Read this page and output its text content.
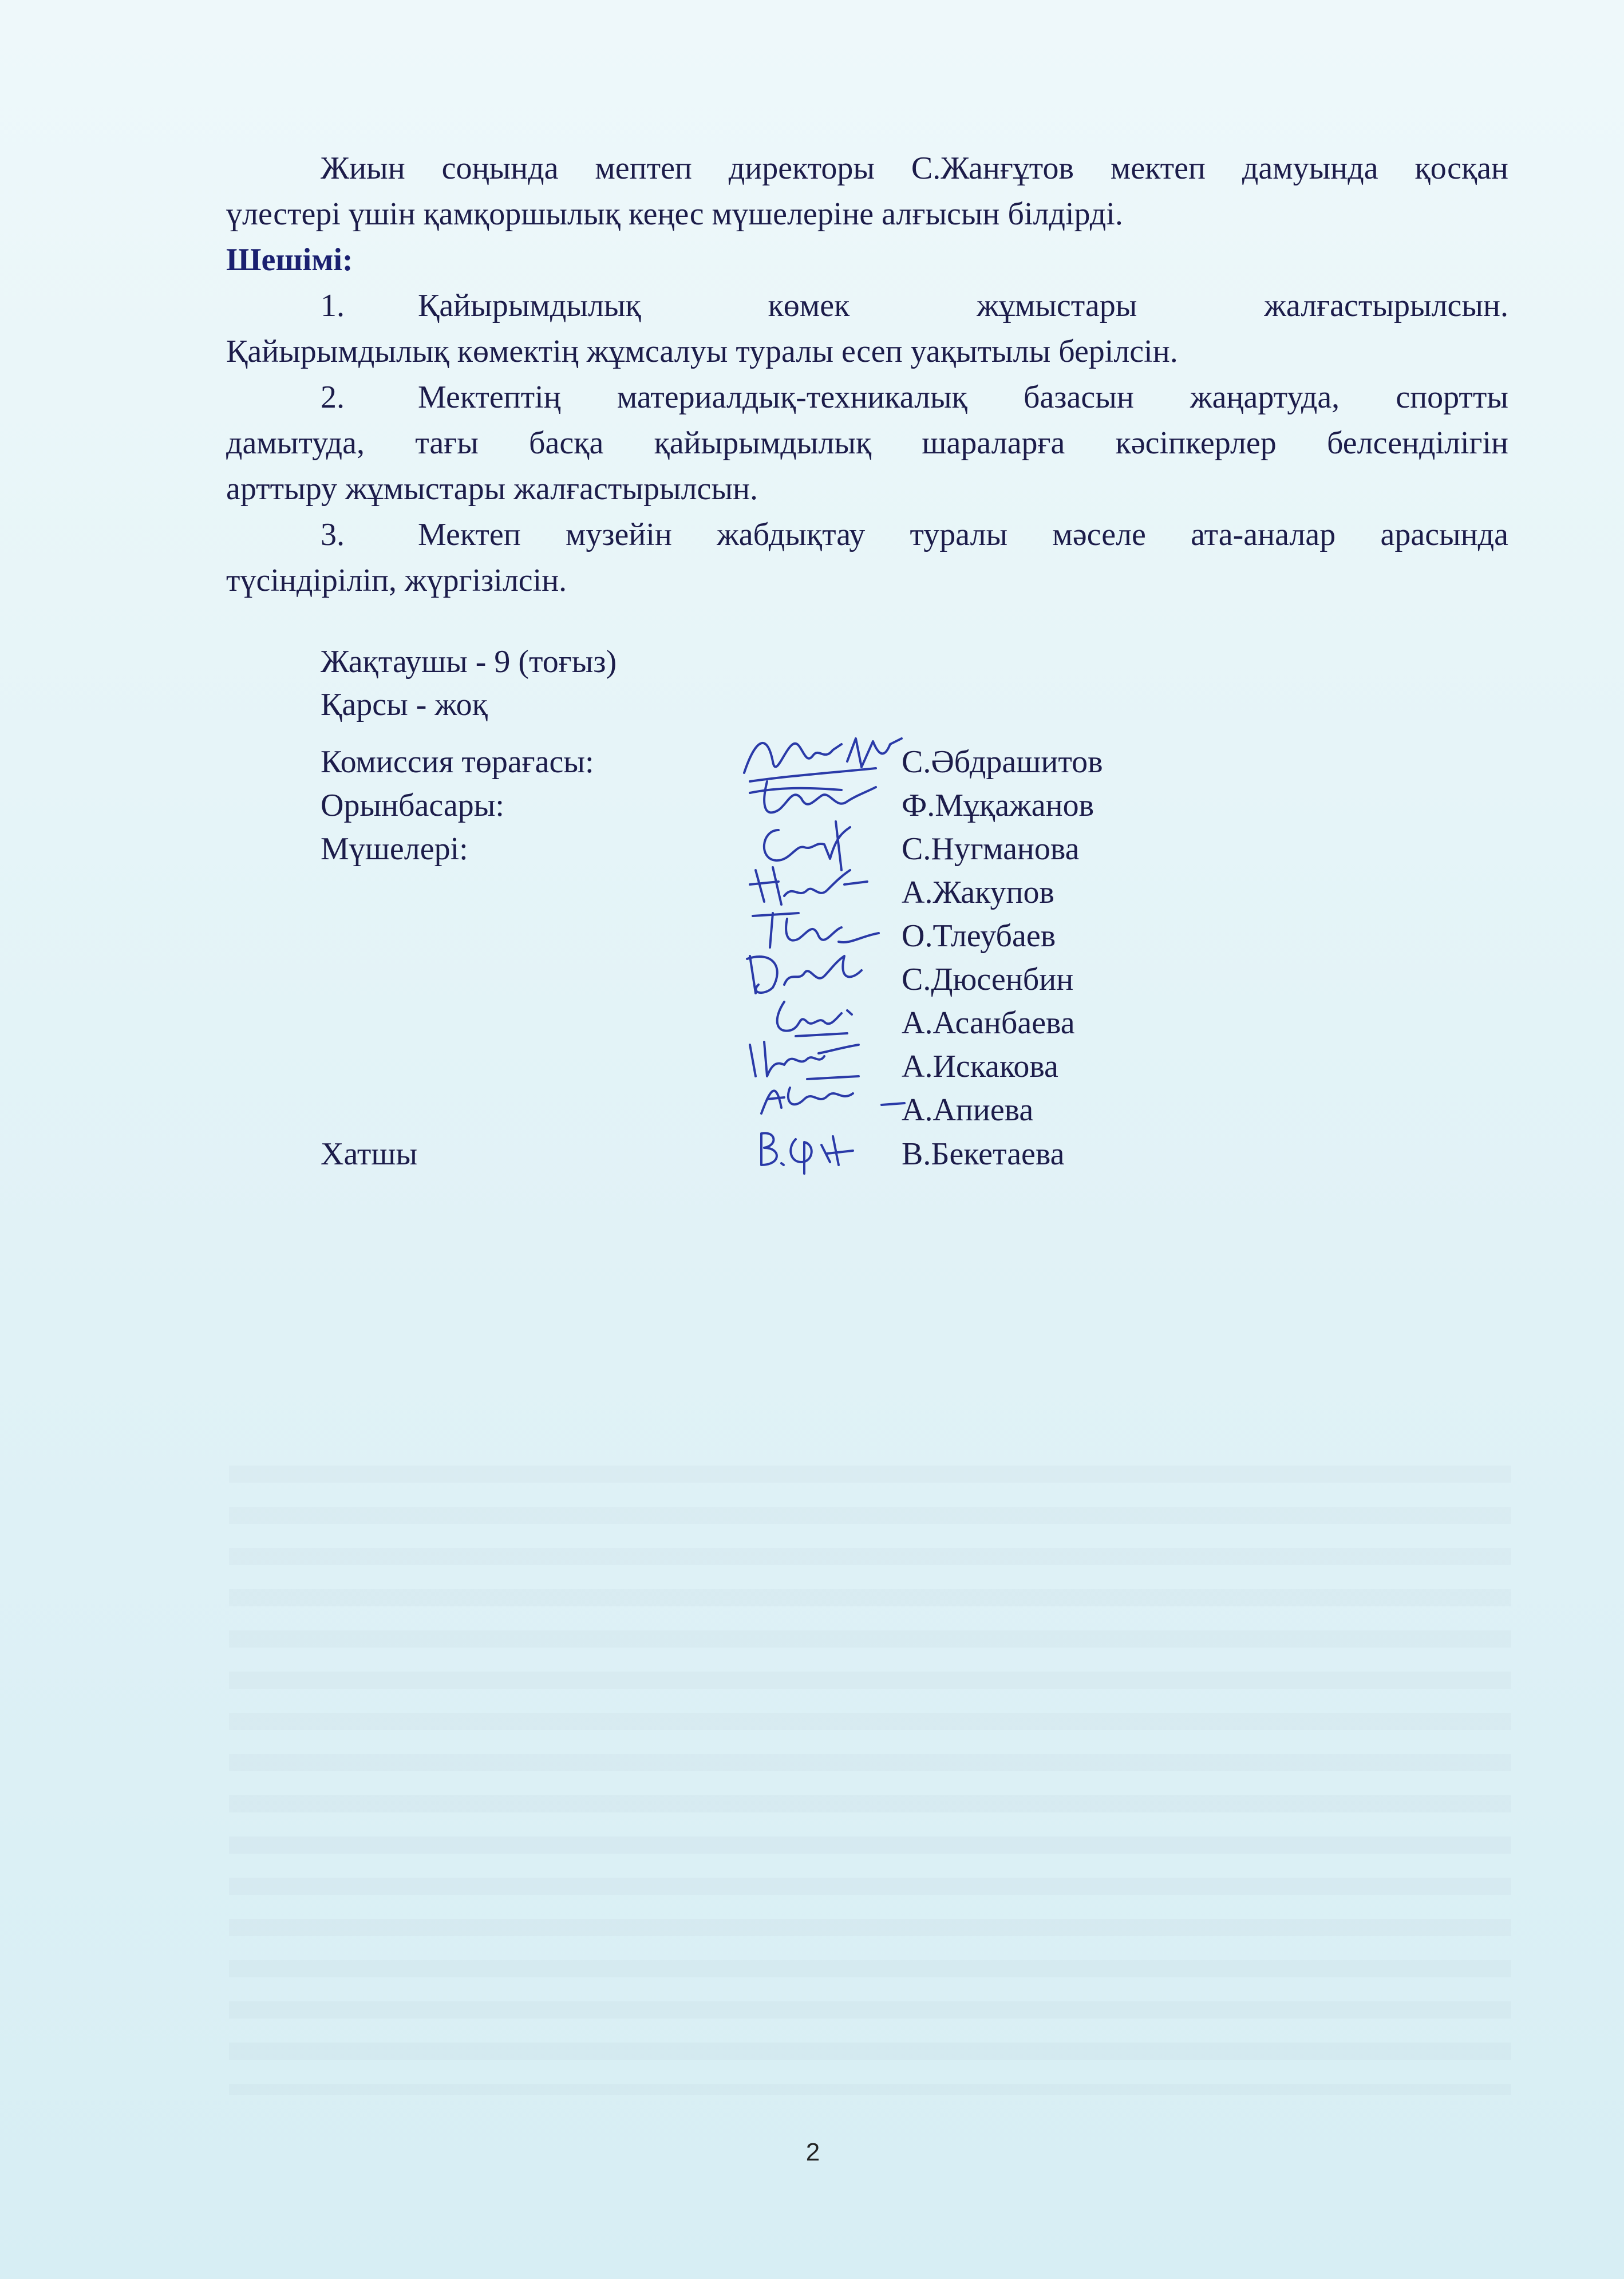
Жиын соңында мептеп директоры С.Жанғұтов мектеп дамуында қосқан
үлестері үшін қамқоршылық кеңес мүшелеріне алғысын білдірді.
Шешімі:
1. Қайырымдылық көмек жұмыстары жалғастырылсын.
Қайырымдылық көмектің жұмсалуы туралы есеп уақытылы берілсін.
2. Мектептің материалдық-техникалық базасын жаңартуда, спортты
дамытуда, тағы басқа қайырымдылық шараларға кәсіпкерлер белсенділігін
арттыру жұмыстары жалғастырылсын.
3. Мектеп музейін жабдықтау туралы мәселе ата-аналар арасында
түсіндіріліп, жүргізілсін.
Жақтаушы - 9 (тоғыз)
Қарсы - жоқ
Комиссия төрағасы:
Орынбасары:
Мүшелері:
Хатшы
С.Әбдрашитов
Ф.Мұқажанов
С.Нугманова
А.Жакупов
О.Тлеубаев
С.Дюсенбин
А.Асанбаева
А.Искакова
А.Апиева
В.Бекетаева
2
